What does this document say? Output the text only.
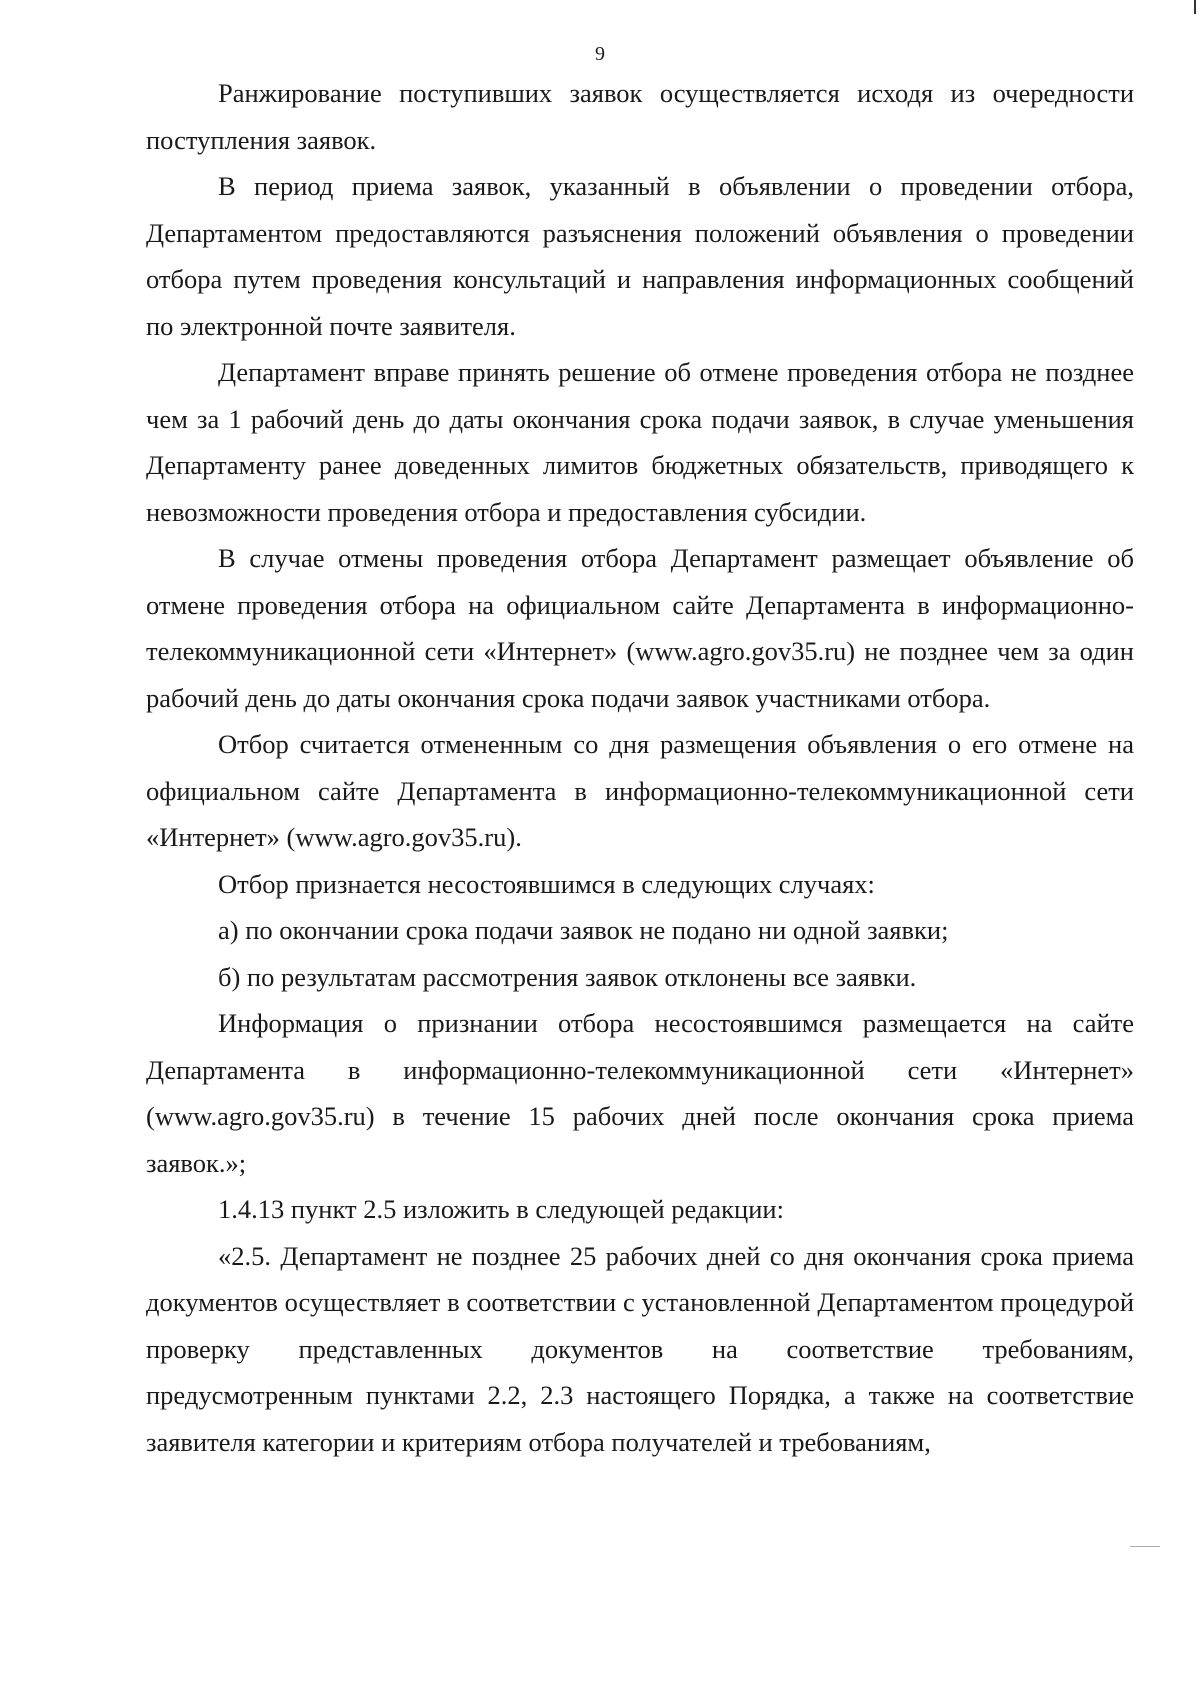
9

Ранжирование поступивших заявок осуществляется исходя из очередности поступления заявок.

В период приема заявок, указанный в объявлении о проведении отбора, Департаментом предоставляются разъяснения положений объявления о проведении отбора путем проведения консультаций и направления информационных сообщений по электронной почте заявителя.

Департамент вправе принять решение об отмене проведения отбора не позднее чем за 1 рабочий день до даты окончания срока подачи заявок, в случае уменьшения Департаменту ранее доведенных лимитов бюджетных обязательств, приводящего к невозможности проведения отбора и предоставления субсидии.

В случае отмены проведения отбора Департамент размещает объявление об отмене проведения отбора на официальном сайте Департамента в информационно-телекоммуникационной сети «Интернет» (www.agro.gov35.ru) не позднее чем за один рабочий день до даты окончания срока подачи заявок участниками отбора.

Отбор считается отмененным со дня размещения объявления о его отмене на официальном сайте Департамента в информационно-телекоммуникационной сети «Интернет» (www.agro.gov35.ru).

Отбор признается несостоявшимся в следующих случаях:

а) по окончании срока подачи заявок не подано ни одной заявки;

б) по результатам рассмотрения заявок отклонены все заявки.

Информация о признании отбора несостоявшимся размещается на сайте Департамента в информационно-телекоммуникационной сети «Интернет» (www.agro.gov35.ru) в течение 15 рабочих дней после окончания срока приема заявок.»;

1.4.13 пункт 2.5 изложить в следующей редакции:

«2.5. Департамент не позднее 25 рабочих дней со дня окончания срока приема документов осуществляет в соответствии с установленной Департаментом процедурой проверку представленных документов на соответствие требованиям, предусмотренным пунктами 2.2, 2.3 настоящего Порядка, а также на соответствие заявителя категории и критериям отбора получателей и требованиям,
